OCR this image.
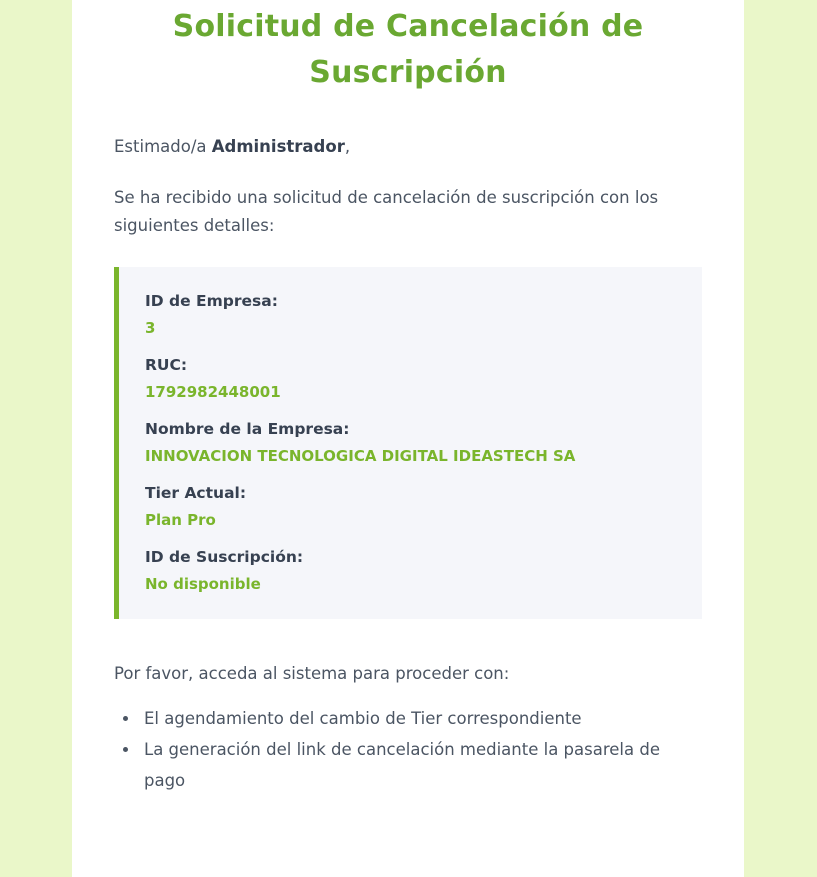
Solicitud de Cancelación de Suscripción

Estimado/a Administrador,

Se ha recibido una solicitud de cancelación de suscripción con los siguientes detalles:

ID de Empresa:
3
RUC:
1792982448001
Nombre de la Empresa:
INNOVACION TECNOLOGICA DIGITAL IDEASTECH SA
Tier Actual:
Plan Pro
ID de Suscripción:
No disponible

Por favor, acceda al sistema para proceder con:

• El agendamiento del cambio de Tier correspondiente
• La generación del link de cancelación mediante la pasarela de pago
